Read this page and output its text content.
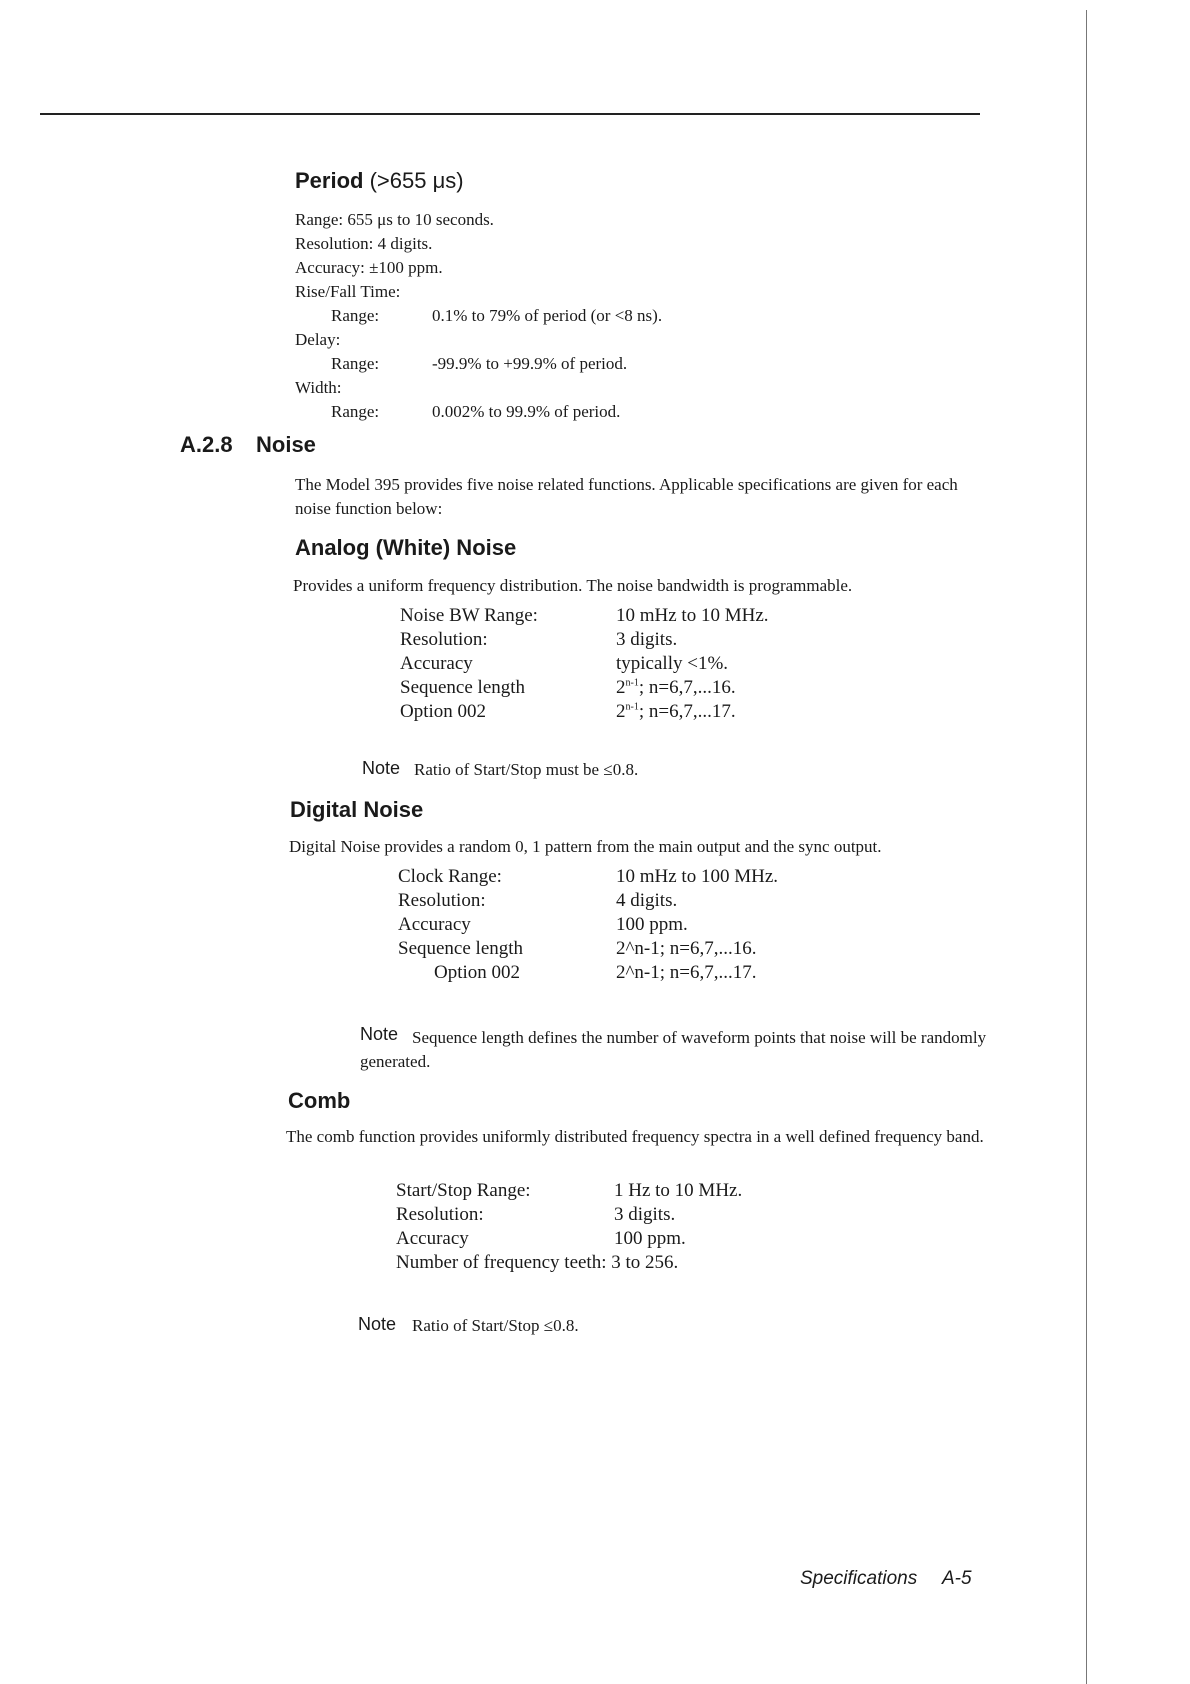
Period (>655 μs)
Range: 655 μs to 10 seconds.
Resolution: 4 digits.
Accuracy: ±100 ppm.
Rise/Fall Time:
Range:	0.1% to 79% of period (or <8 ns).
Delay:
Range:	-99.9% to +99.9% of period.
Width:
Range:	0.002% to 99.9% of period.
A.2.8 Noise
The Model 395 provides five noise related functions. Applicable specifications are given for each noise function below:
Analog (White) Noise
Provides a uniform frequency distribution. The noise bandwidth is programmable.
Noise BW Range:	10 mHz to 10 MHz.
Resolution:	3 digits.
Accuracy	typically <1%.
Sequence length	2$^{n-1}$; n=6,7,...16.
Option 002	2$^{n-1}$; n=6,7,...17.
Note Ratio of Start/Stop must be ≤0.8.
Digital Noise
Digital Noise provides a random 0, 1 pattern from the main output and the sync output.
Clock Range:	10 mHz to 100 MHz.
Resolution:	4 digits.
Accuracy	100 ppm.
Sequence length	2^n-1; n=6,7,...16.
Option 002	2^n-1; n=6,7,...17.
Note Sequence length defines the number of waveform points that noise will be randomly generated.
Comb
The comb function provides uniformly distributed frequency spectra in a well defined frequency band.
Start/Stop Range:	1 Hz to 10 MHz.
Resolution:	3 digits.
Accuracy	100 ppm.
Number of frequency teeth: 3 to 256.
Note Ratio of Start/Stop ≤0.8.
Specifications A-5
